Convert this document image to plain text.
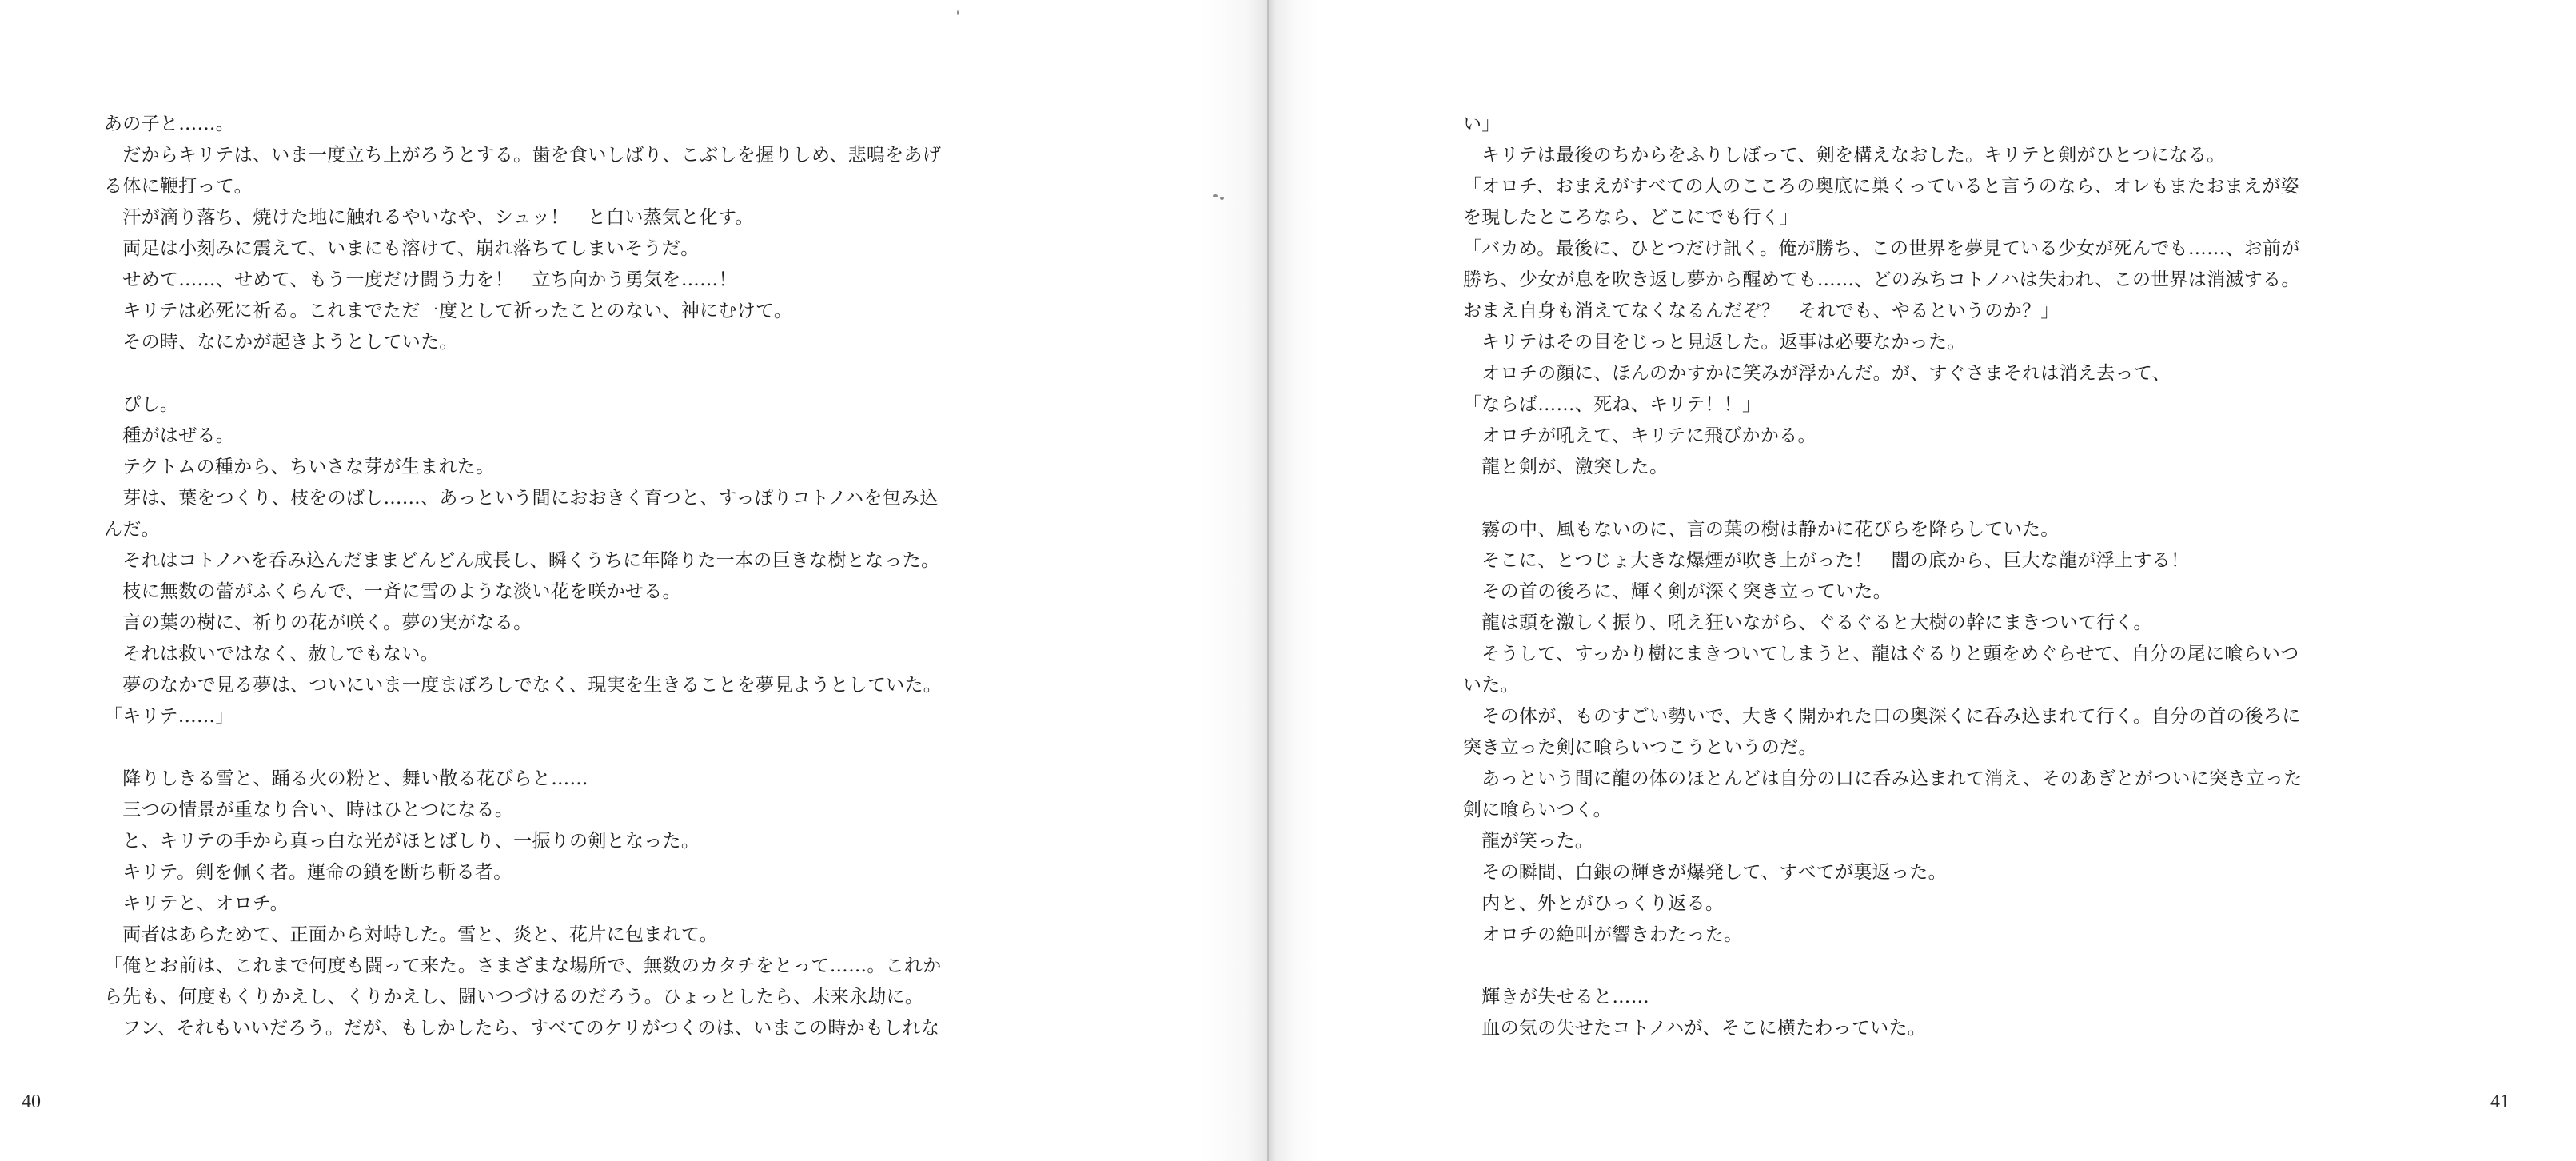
あの子と……。
　だからキリテは、いま一度立ち上がろうとする。歯を食いしばり、こぶしを握りしめ、悲鳴をあげ
る体に鞭打って。
　汗が滴り落ち、焼けた地に触れるやいなや、シュッ！　と白い蒸気と化す。
　両足は小刻みに震えて、いまにも溶けて、崩れ落ちてしまいそうだ。
　せめて……、せめて、もう一度だけ闘う力を！　立ち向かう勇気を……！
　キリテは必死に祈る。これまでただ一度として祈ったことのない、神にむけて。
　その時、なにかが起きようとしていた。
　ぴし。
　種がはぜる。
　テクトムの種から、ちいさな芽が生まれた。
　芽は、葉をつくり、枝をのばし……、あっという間におおきく育つと、すっぽりコトノハを包み込
んだ。
　それはコトノハを呑み込んだままどんどん成長し、瞬くうちに年降りた一本の巨きな樹となった。
　枝に無数の蕾がふくらんで、一斉に雪のような淡い花を咲かせる。
　言の葉の樹に、祈りの花が咲く。夢の実がなる。
　それは救いではなく、赦しでもない。
　夢のなかで見る夢は、ついにいま一度まぼろしでなく、現実を生きることを夢見ようとしていた。
「キリテ……」
　降りしきる雪と、踊る火の粉と、舞い散る花びらと……
　三つの情景が重なり合い、時はひとつになる。
　と、キリテの手から真っ白な光がほとばしり、一振りの剣となった。
　キリテ。剣を佩く者。運命の鎖を断ち斬る者。
　キリテと、オロチ。
　両者はあらためて、正面から対峙した。雪と、炎と、花片に包まれて。
「俺とお前は、これまで何度も闘って来た。さまざまな場所で、無数のカタチをとって……。これか
ら先も、何度もくりかえし、くりかえし、闘いつづけるのだろう。ひょっとしたら、未来永劫に。
　フン、それもいいだろう。だが、もしかしたら、すべてのケリがつくのは、いまこの時かもしれな
40
い」
　キリテは最後のちからをふりしぼって、剣を構えなおした。キリテと剣がひとつになる。
「オロチ、おまえがすべての人のこころの奥底に巣くっていると言うのなら、オレもまたおまえが姿
を現したところなら、どこにでも行く」
「バカめ。最後に、ひとつだけ訊く。俺が勝ち、この世界を夢見ている少女が死んでも……、お前が
勝ち、少女が息を吹き返し夢から醒めても……、どのみちコトノハは失われ、この世界は消滅する。
おまえ自身も消えてなくなるんだぞ？　それでも、やるというのか？」
　キリテはその目をじっと見返した。返事は必要なかった。
　オロチの顔に、ほんのかすかに笑みが浮かんだ。が、すぐさまそれは消え去って、
「ならば……、死ね、キリテ！！」
　オロチが吼えて、キリテに飛びかかる。
　龍と剣が、激突した。
　霧の中、風もないのに、言の葉の樹は静かに花びらを降らしていた。
　そこに、とつじょ大きな爆煙が吹き上がった！　闇の底から、巨大な龍が浮上する！
　その首の後ろに、輝く剣が深く突き立っていた。
　龍は頭を激しく振り、吼え狂いながら、ぐるぐると大樹の幹にまきついて行く。
　そうして、すっかり樹にまきついてしまうと、龍はぐるりと頭をめぐらせて、自分の尾に喰らいつ
いた。
　その体が、ものすごい勢いで、大きく開かれた口の奥深くに呑み込まれて行く。自分の首の後ろに
突き立った剣に喰らいつこうというのだ。
　あっという間に龍の体のほとんどは自分の口に呑み込まれて消え、そのあぎとがついに突き立った
剣に喰らいつく。
　龍が笑った。
　その瞬間、白銀の輝きが爆発して、すべてが裏返った。
　内と、外とがひっくり返る。
　オロチの絶叫が響きわたった。
　輝きが失せると……
　血の気の失せたコトノハが、そこに横たわっていた。
41
